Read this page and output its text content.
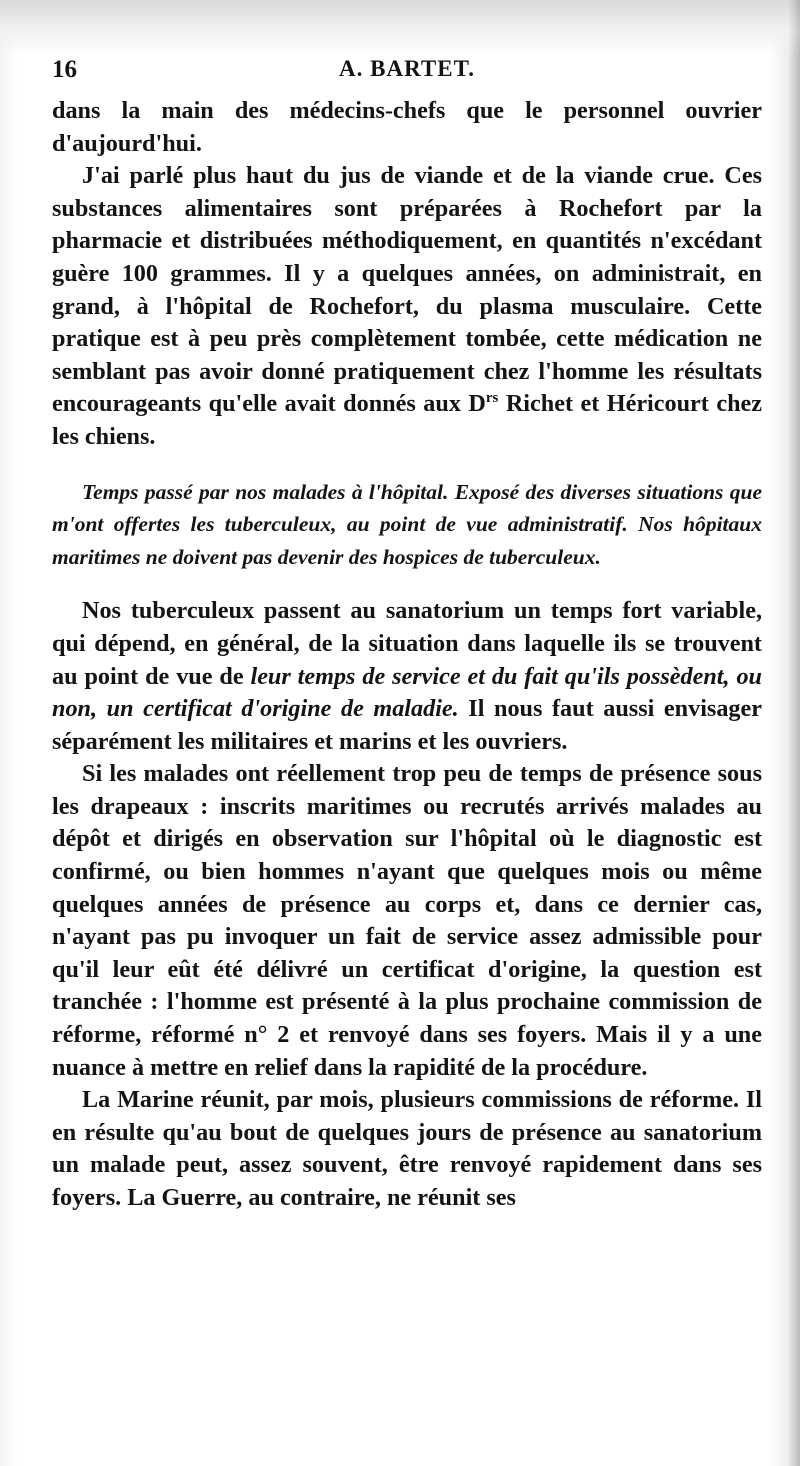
16	A. BARTET.

dans la main des médecins-chefs que le personnel ouvrier d'aujourd'hui.

J'ai parlé plus haut du jus de viande et de la viande crue. Ces substances alimentaires sont préparées à Rochefort par la pharmacie et distribuées méthodiquement, en quantités n'excédant guère 100 grammes. Il y a quelques années, on administrait, en grand, à l'hôpital de Rochefort, du plasma musculaire. Cette pratique est à peu près complètement tombée, cette médication ne semblant pas avoir donné pratiquement chez l'homme les résultats encourageants qu'elle avait donnés aux $D^{rs}$ Richet et Héricourt chez les chiens.

Temps passé par nos malades à l'hôpital. Exposé des diverses situations que m'ont offertes les tuberculeux, au point de vue administratif. Nos hôpitaux maritimes ne doivent pas devenir des hospices de tuberculeux.

Nos tuberculeux passent au sanatorium un temps fort variable, qui dépend, en général, de la situation dans laquelle ils se trouvent au point de vue de leur temps de service et du fait qu'ils possèdent, ou non, un certificat d'origine de maladie. Il nous faut aussi envisager séparément les militaires et marins et les ouvriers.

Si les malades ont réellement trop peu de temps de présence sous les drapeaux : inscrits maritimes ou recrutés arrivés malades au dépôt et dirigés en observation sur l'hôpital où le diagnostic est confirmé, ou bien hommes n'ayant que quelques mois ou même quelques années de présence au corps et, dans ce dernier cas, n'ayant pas pu invoquer un fait de service assez admissible pour qu'il leur eût été délivré un certificat d'origine, la question est tranchée : l'homme est présenté à la plus prochaine commission de réforme, réformé n° 2 et renvoyé dans ses foyers. Mais il y a une nuance à mettre en relief dans la rapidité de la procédure.

La Marine réunit, par mois, plusieurs commissions de réforme. Il en résulte qu'au bout de quelques jours de présence au sanatorium un malade peut, assez souvent, être renvoyé rapidement dans ses foyers. La Guerre, au contraire, ne réunit ses
